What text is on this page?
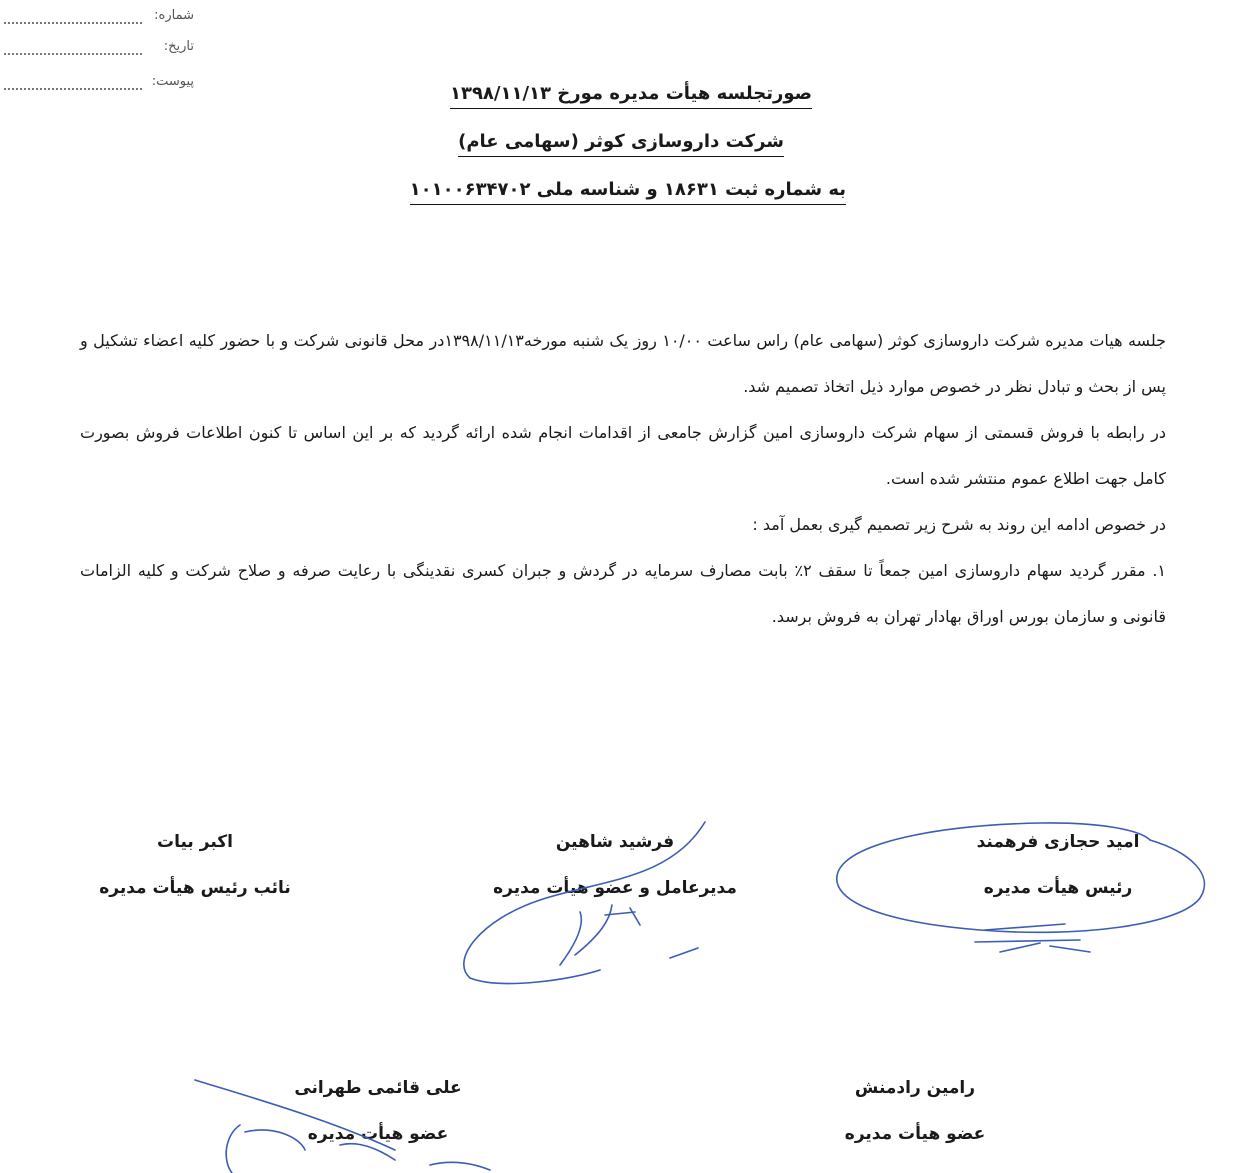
شماره:
تاریخ:
پیوست:
صورتجلسه هیأت مدیره مورخ ۱۳۹۸/۱۱/۱۳
شرکت داروسازی کوثر (سهامی عام)
به شماره ثبت ۱۸۶۳۱ و شناسه ملی ۱۰۱۰۰۶۳۴۷۰۲

جلسه هیات مدیره شرکت داروسازی کوثر (سهامی عام) راس ساعت ۱۰/۰۰ روز یک شنبه مورخه۱۳۹۸/۱۱/۱۳در محل قانونی شرکت و با حضور کلیه اعضاء تشکیل و پس از بحث و تبادل نظر در خصوص موارد ذیل اتخاذ تصمیم شد.

در رابطه با فروش قسمتی از سهام شرکت داروسازی امین گزارش جامعی از اقدامات انجام شده ارائه گردید که بر این اساس تا کنون اطلاعات فروش بصورت کامل جهت اطلاع عموم منتشر شده است.

در خصوص ادامه این روند به شرح زیر تصمیم گیری بعمل آمد :

۱. مقرر گردید سهام داروسازی امین جمعاً تا سقف ۲٪ بابت مصارف سرمایه در گردش و جبران کسری نقدینگی با رعایت صرفه و صلاح شرکت و کلیه الزامات قانونی و سازمان بورس اوراق بهادار تهران به فروش برسد.

امید حجازی فرهمند
رئیس هیأت مدیره
فرشید شاهین
مدیرعامل و عضو هیأت مدیره
اکبر بیات
نائب رئیس هیأت مدیره
رامین رادمنش
عضو هیأت مدیره
علی قائمی طهرانی
عضو هیأت مدیره
